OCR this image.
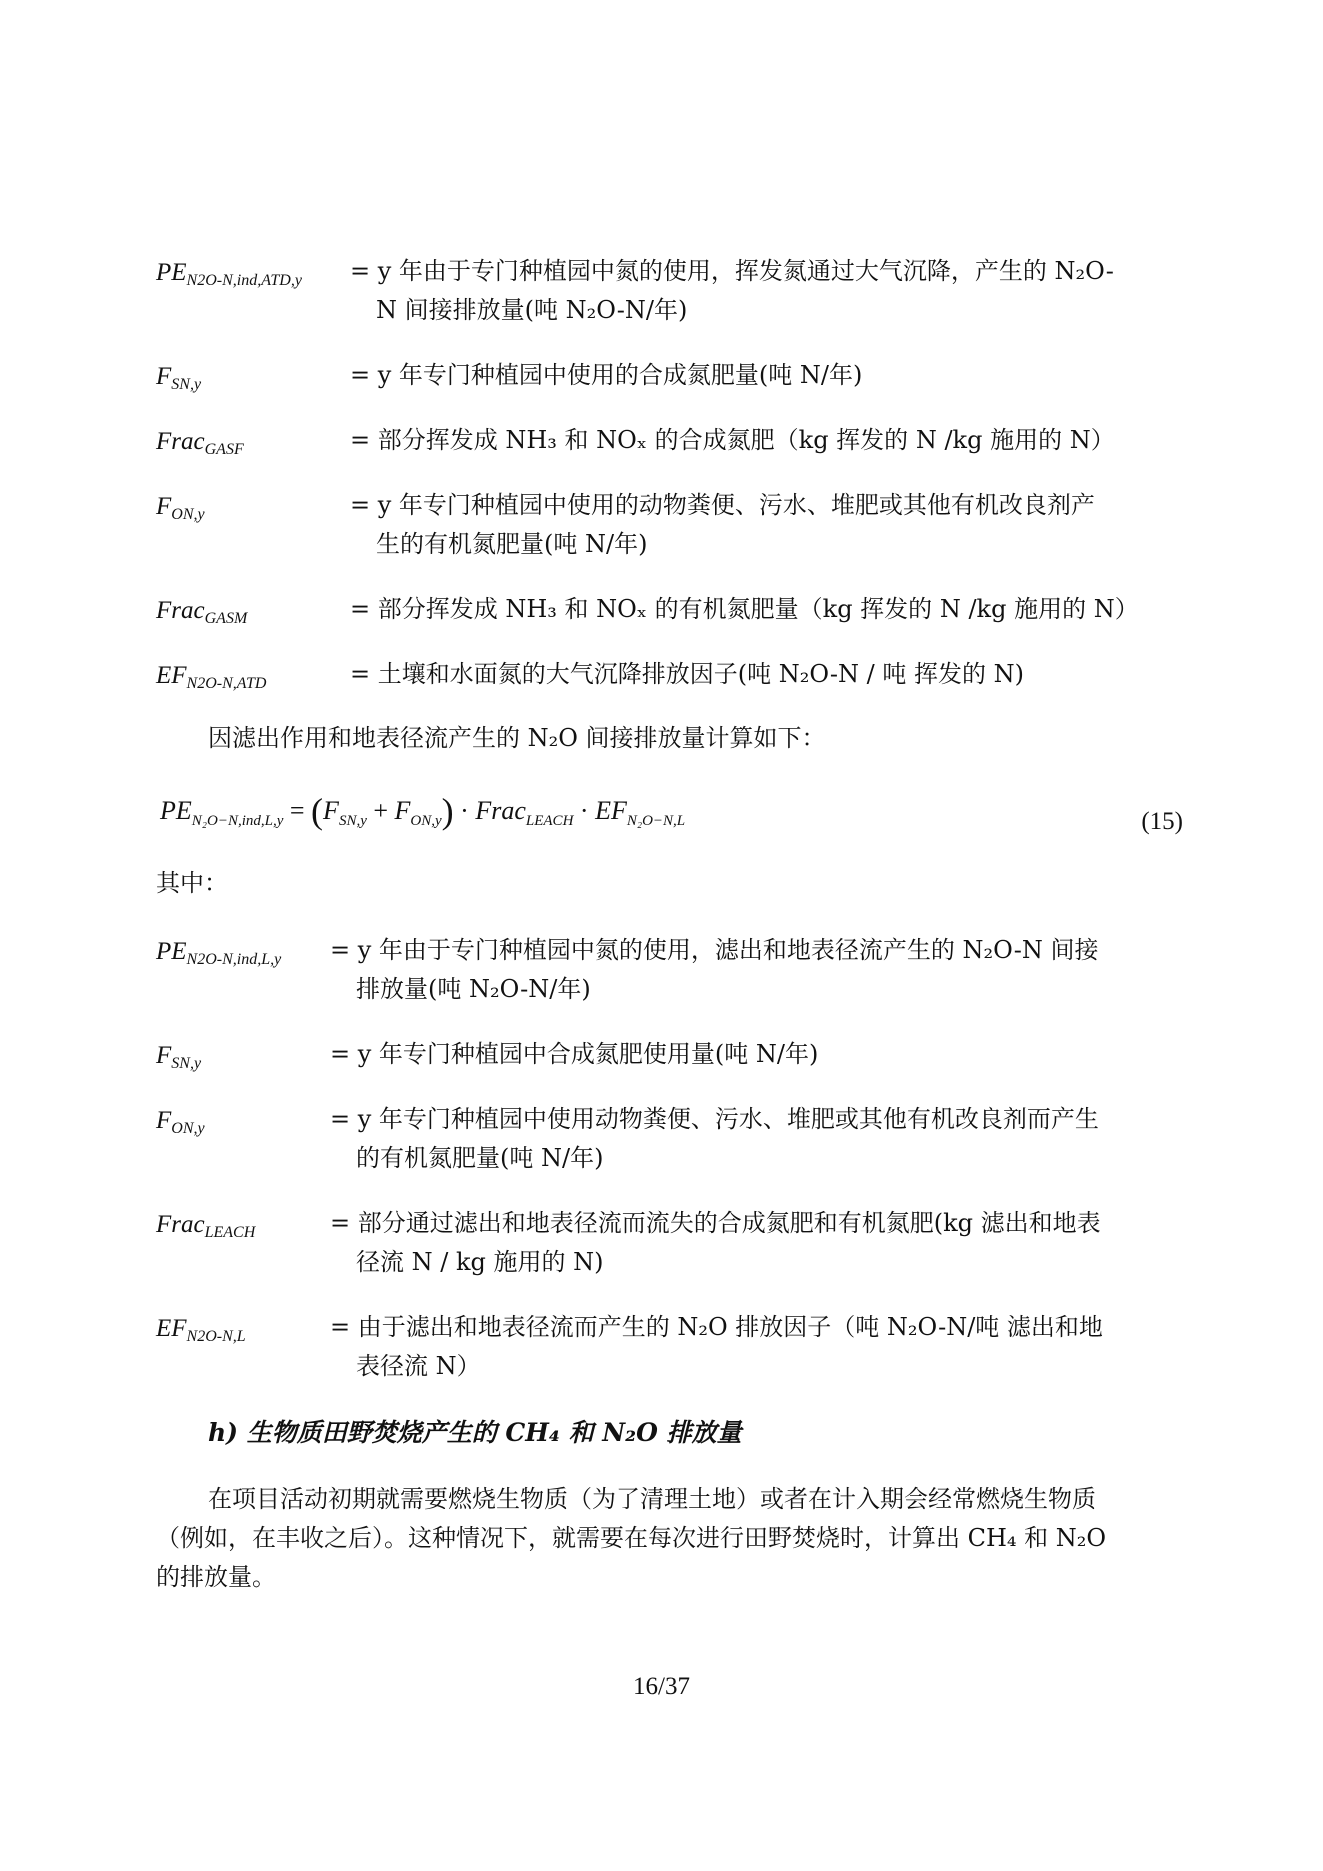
$PE_{N2O-N,ind,ATD,y} = y$ 年由于专门种植园中氮的使用，挥发氮通过大气沉降，产生的 N₂O-
N 间接排放量(吨 N₂O-N/年)
$F_{SN,y}$	= y 年专门种植园中使用的合成氮肥量(吨 N/年)
Frac$_{GASF}$	= 部分挥发成 NH₃ 和 NOₓ 的合成氮肥（kg 挥发的 N /kg 施用的 N）
$F_{ON,y}$	= y 年专门种植园中使用的动物粪便、污水、堆肥或其他有机改良剂产
生的有机氮肥量(吨 N/年)
Frac$_{GASM}$	= 部分挥发成 NH₃ 和 NOₓ 的有机氮肥量（kg 挥发的 N /kg 施用的 N）
$EF_{N2O-N,ATD}$	= 土壤和水面氮的大气沉降排放因子(吨 N₂O-N / 吨 挥发的 N)
因滤出作用和地表径流产生的 N₂O 间接排放量计算如下：
$PE_{N_2O-N,ind,L,y} = (F_{SN,y} + F_{ON,y})$ · Frac$_{LEACH}$ · $EF_{N_2O-N,L}$	(15)
其中：
$PE_{N2O-N,ind,L,y} = y$ 年由于专门种植园中氮的使用，滤出和地表径流产生的 N₂O-N 间接
排放量(吨 N₂O-N/年)
$F_{SN,y}$	= y 年专门种植园中合成氮肥使用量(吨 N/年)
$F_{ON,y}$	= y 年专门种植园中使用动物粪便、污水、堆肥或其他有机改良剂而产生
的有机氮肥量(吨 N/年)
Frac$_{LEACH}$	= 部分通过滤出和地表径流而流失的合成氮肥和有机氮肥(kg 滤出和地表
径流 N / kg 施用的 N)
$EF_{N2O-N,L}$	= 由于滤出和地表径流而产生的 N₂O 排放因子（吨 N₂O-N/吨 滤出和地
表径流 N）
h) 生物质田野焚烧产生的 CH₄ 和 N₂O 排放量
在项目活动初期就需要燃烧生物质（为了清理土地）或者在计入期会经常燃烧生物质
（例如，在丰收之后）。这种情况下，就需要在每次进行田野焚烧时，计算出 CH₄ 和 N₂O
的排放量。
16/37
